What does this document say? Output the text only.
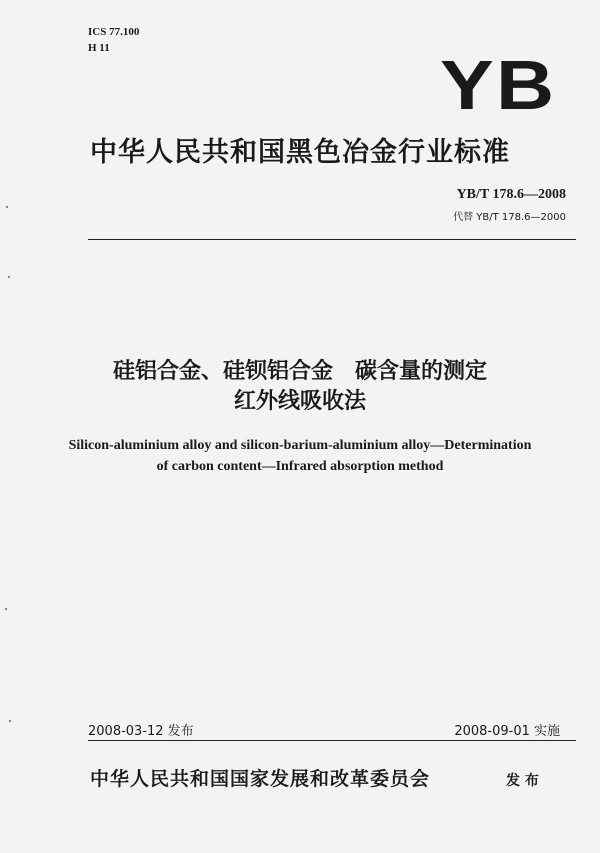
ICS 77.100
H 11	YB
中华人民共和国黑色冶金行业标准
YB/T 178.6—2008
代替 YB/T 178.6—2000
硅铝合金、硅钡铝合金　碳含量的测定
红外线吸收法
Silicon-aluminium alloy and silicon-barium-aluminium alloy—Determination
of carbon content—Infrared absorption method
2008-03-12 发布	2008-09-01 实施
中华人民共和国国家发展和改革委员会	发 布
